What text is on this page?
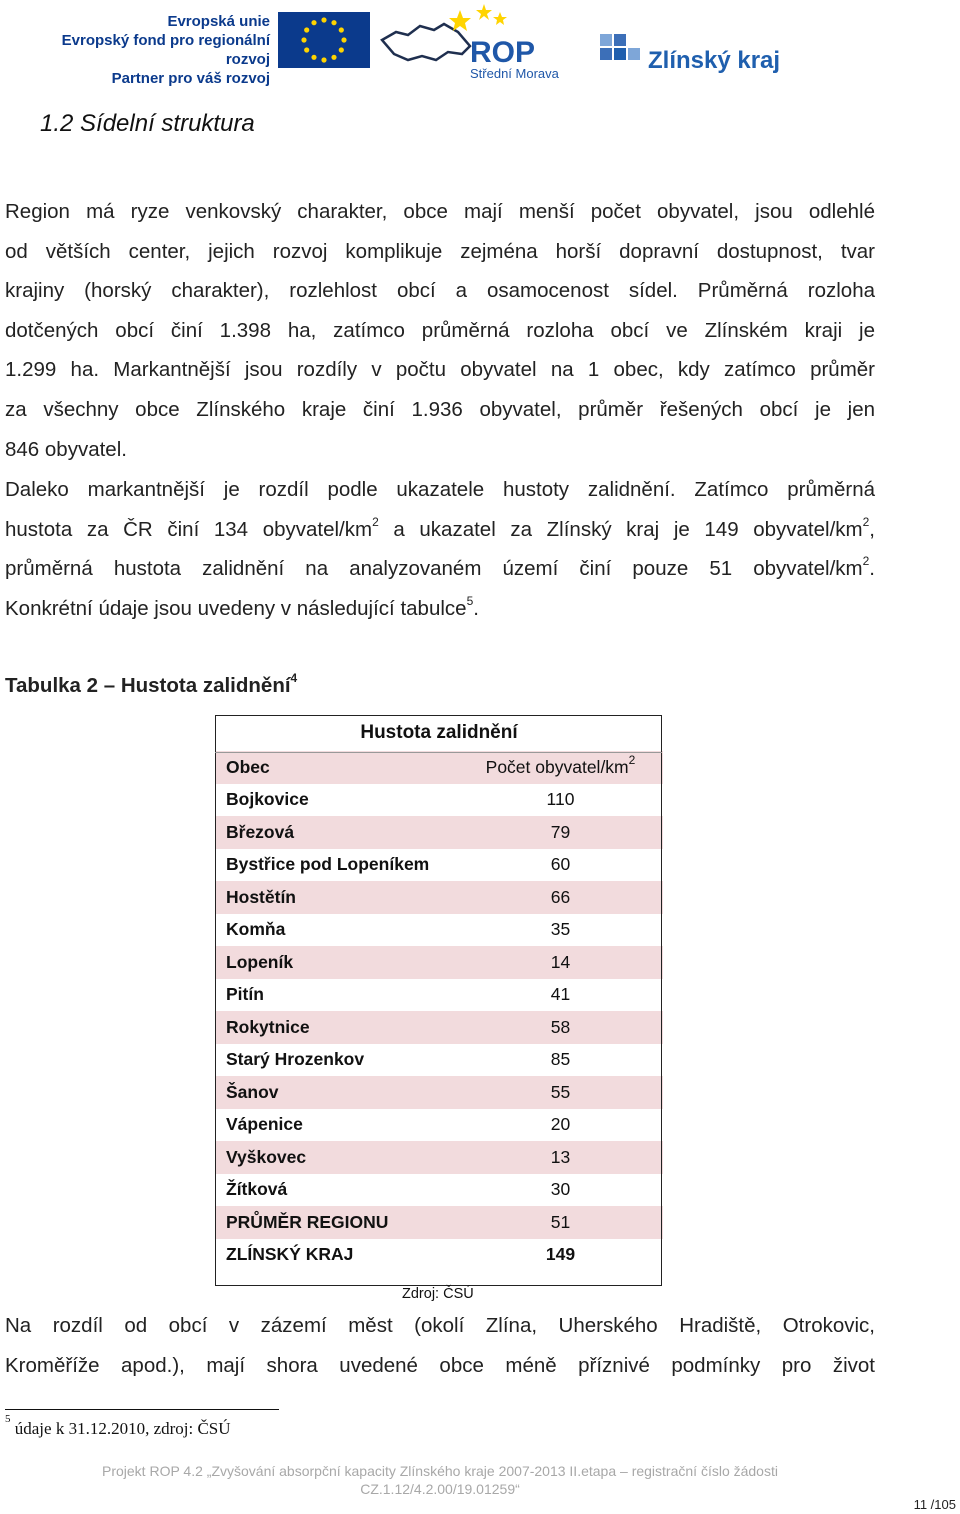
Evropská unie
Evropský fond pro regionální rozvoj
Partner pro váš rozvoj
ROP
Střední Morava	Zlínský kraj
1.2 Sídelní struktura
Region má ryze venkovský charakter, obce mají menší počet obyvatel, jsou odlehlé
od větších center, jejich rozvoj komplikuje zejména horší dopravní dostupnost, tvar
krajiny (horský charakter), rozlehlost obcí a osamocenost sídel. Průměrná rozloha
dotčených obcí činí 1.398 ha, zatímco průměrná rozloha obcí ve Zlínském kraji je
1.299 ha. Markantnější jsou rozdíly v počtu obyvatel na 1 obec, kdy zatímco průměr
za všechny obce Zlínského kraje činí 1.936 obyvatel, průměr řešených obcí je jen
846 obyvatel.
Daleko markantnější je rozdíl podle ukazatele hustoty zalidnění. Zatímco průměrná
hustota za ČR činí 134 obyvatel/$km^2$ a ukazatel za Zlínský kraj je 149 obyvatel/$km^2$,
průměrná hustota zalidnění na analyzovaném území činí pouze 51 obyvatel/$km^2$.
Konkrétní údaje jsou uvedeny v následující tabulce$^5$.
Tabulka 2 – Hustota zalidnění$^4$
Hustota zalidnění	
Obec	Počet obyvatel/$km^2$
Bojkovice	110
Březová	79
Bystřice pod Lopeníkem	60
Hostětín	66
Komňa	35
Lopeník	14
Pitín	41
Rokytnice	58
Starý Hrozenkov	85
Šanov	55
Vápenice	20
Vyškovec	13
Žítková	30
PRŮMĚR REGIONU	51
ZLÍNSKÝ KRAJ	149
Zdroj: ČSÚ
Na rozdíl od obcí v zázemí měst (okolí Zlína, Uherského Hradiště, Otrokovic,
Kroměříže apod.), mají shora uvedené obce méně příznivé podmínky pro život
$^5$ údaje k 31.12.2010, zdroj: ČSÚ
Projekt ROP 4.2 „Zvyšování absorpční kapacity Zlínského kraje 2007-2013 II.etapa – registrační číslo žádosti
CZ.1.12/4.2.00/19.01259“
11 /105
